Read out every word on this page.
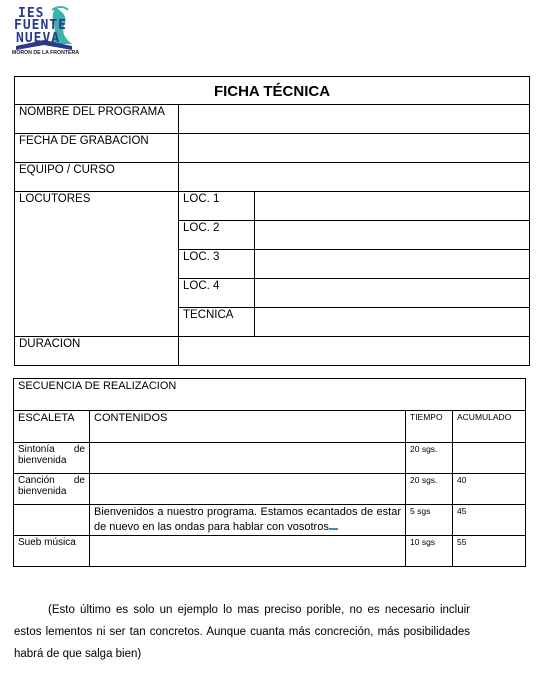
IES
FUENTE
NUEVA
MORON DE LA FRONTERA
FICHA TÉCNICA		
NOMBRE DEL PROGRAMA		
FECHA DE GRABACION		
EQUIPO / CURSO		
LOCUTORES	LOC. 1	
	LOC. 2	
	LOC. 3	
	LOC. 4	
	TECNICA	
DURACION		
SECUENCIA DE REALIZACION			
ESCALETA	CONTENIDOS	TIEMPO	ACUMULADO
Sintonía de bienvenida		20 sgs.	
Canción de bienvenida		20 sgs.	40
	Bienvenidos a nuestro programa. Estamos ecantados de estar de nuevo en las ondas para hablar con vosotros	5 sgs	45
Sueb música		10 sgs	55
(Esto último es solo un ejemplo lo mas preciso porible, no es necesario incluir estos lementos ni ser tan concretos. Aunque cuanta más concreción, más posibilidades habrá de que salga bien)
